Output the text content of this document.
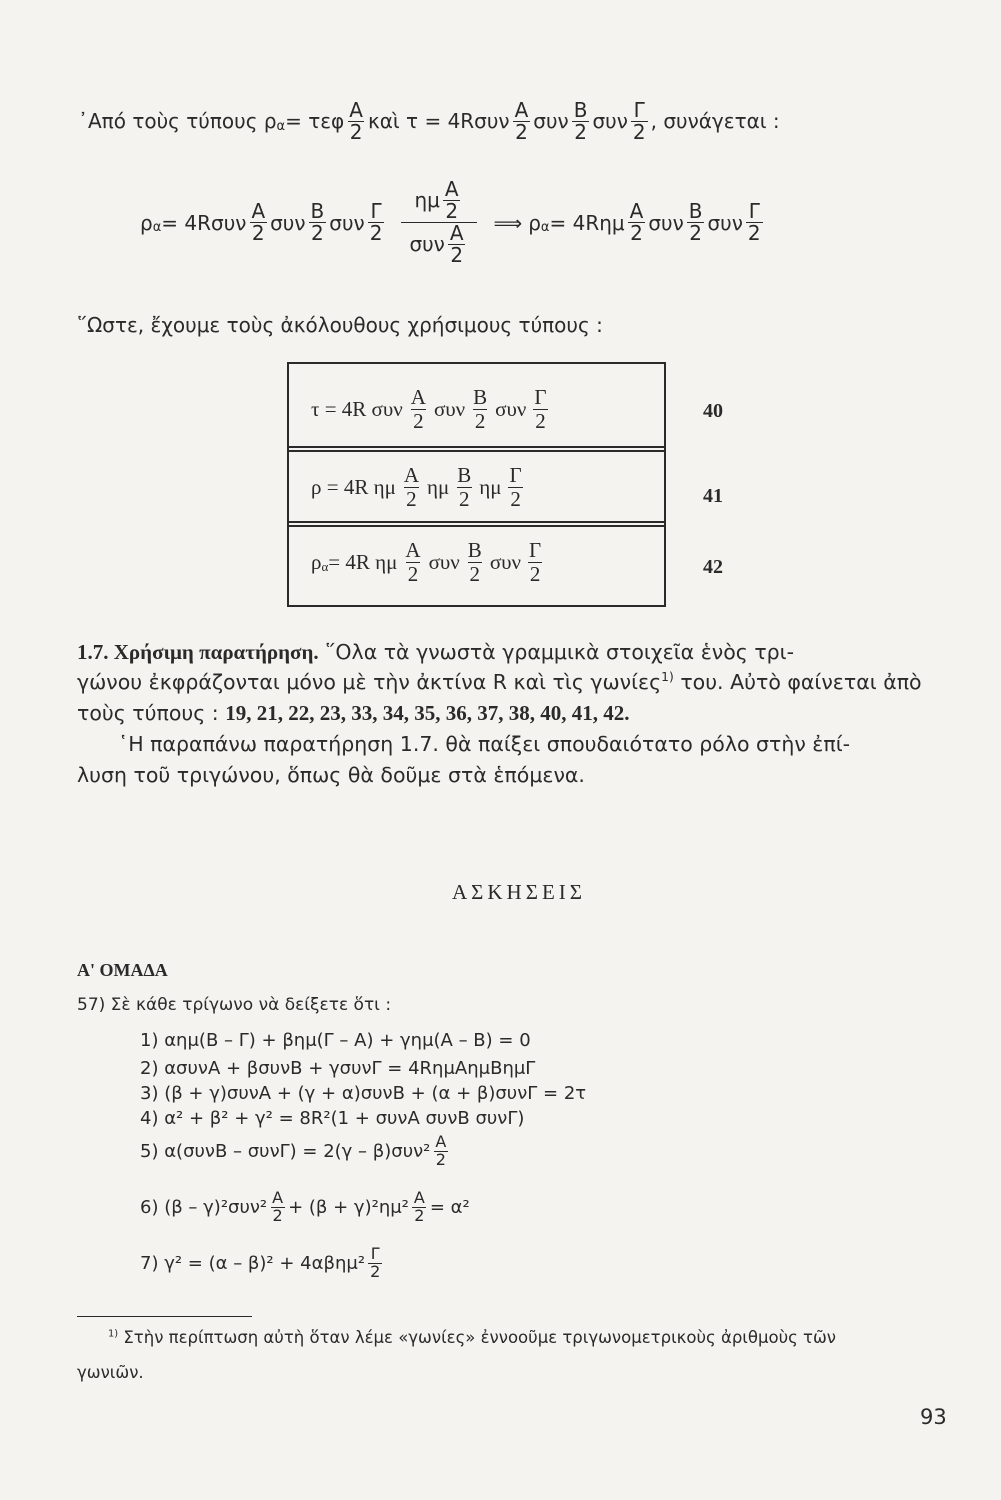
᾿Από τοὺς τύπους ρ α = τεφ $\frac{A}{2}$ καὶ $\tau = 4R\sigma\upsilon\nu \frac{A}{2}$ συν $\frac{B}{2}$ συν $\frac{\Gamma}{2}$ , συνάγεται :
ρ $\alpha = 4R\sigma\upsilon\nu \frac{A}{2}$ συν $\frac{B}{2}$ συν $\frac{\Gamma}{2} \frac{\eta\mu \frac{A}{2}}{\sigma\upsilon\nu \frac{A}{2}}$ ⟹ ρ $\alpha = 4R\eta\mu \frac{A}{2}$ συν $\frac{B}{2}$ συν $\frac{\Gamma}{2}$
῞Ωστε, ἔχουμε τοὺς ἀκόλουθους χρήσιμους τύπους :
τ = 4R
συν $\frac{A}{2}$ συν $\frac{B}{2}$ συν $\frac{\Gamma}{2}$
ρ = 4R
ημ $\frac{A}{2}$ ημ $\frac{B}{2}$ ημ $\frac{\Gamma}{2}$
ρ α = 4R
ημ $\frac{A}{2}$ συν $\frac{B}{2}$ συν $\frac{\Gamma}{2}$
40
41
42
1.7. Χρήσιμη παρατήρηση. ῞Ολα τὰ γνωστὰ γραμμικὰ στοιχεῖα ἑνὸς τρι-
γώνου ἐκφράζονται μόνο μὲ τὴν ἀκτίνα R καὶ τὶς γωνίες$^{1)}$ του. Αὐτὸ φαίνεται ἀπὸ
τοὺς τύπους : 19, 21, 22, 23, 33, 34, 35, 36, 37, 38, 40, 41, 42.
῾Η παραπάνω παρατήρηση 1.7. θὰ παίξει σπουδαιότατο ρόλο στὴν ἐπί-
λυση τοῦ τριγώνου, ὅπως θὰ δοῦμε στὰ ἑπόμενα.
ΑΣΚΗΣΕΙΣ
Α' ΟΜΑΔΑ
57) Σὲ κάθε τρίγωνο νὰ δείξετε ὅτι :
1) αημ(Β – Γ) + βημ(Γ – Α) + γημ(Α – Β) = 0
2) ασυνΑ + βσυνΒ + γσυνΓ = 4RημΑημΒημΓ
3) (β + γ)συνΑ + (γ + α)συνΒ + (α + β)συνΓ = 2τ
4) α² + β² + γ² = 8R²(1 + συνΑ συνΒ συνΓ)
5) $\alpha(\sigma\upsilon\nu B - \sigma\upsilon\nu\Gamma) = 2(\gamma - \beta)\sigma\upsilon\nu^2 \frac{A}{2}$
6) $(\beta - \gamma)^2\sigma\upsilon\nu^2 \frac{A}{2} + (\beta + \gamma)^2\eta\mu^2 \frac{A}{2} = \alpha^2$
7) $\gamma^2 = (\alpha - \beta)^2 + 4\alpha\beta\eta\mu^2 \frac{\Gamma}{2}$
$^{1)}$ Στὴν περίπτωση αὐτὴ ὅταν λέμε «γωνίες» ἐννοοῦμε τριγωνομετρικοὺς ἀριθμοὺς τῶν
γωνιῶν.
93
